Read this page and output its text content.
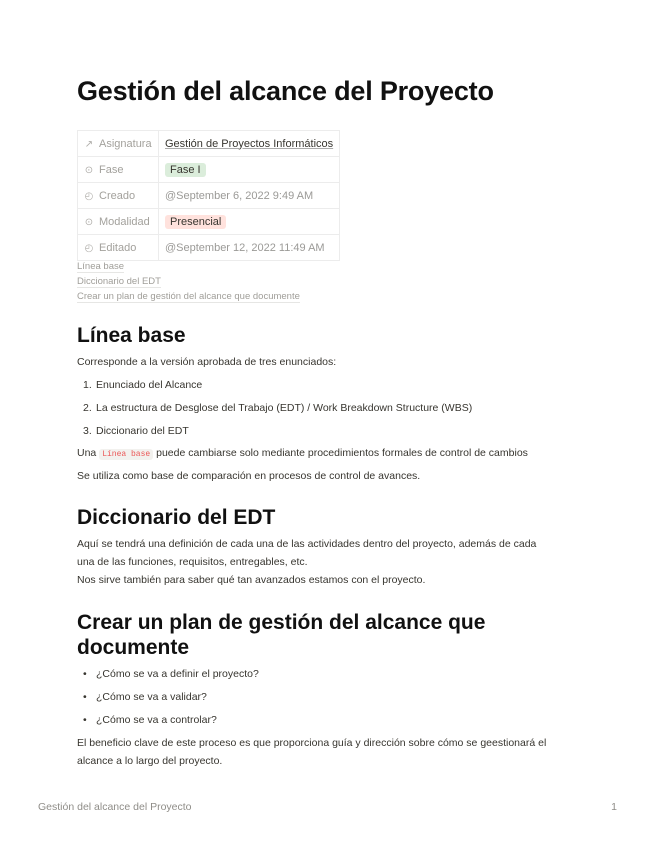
Gestión del alcance del Proyecto
↗ Asignatura	Gestión de Proyectos Informáticos
⊙ Fase	Fase I
◴ Creado	@September 6, 2022 9:49 AM
⊙ Modalidad	Presencial
◴ Editado	@September 12, 2022 11:49 AM
Línea base
Diccionario del EDT
Crear un plan de gestión del alcance que documente
Línea base

Corresponde a la versión aprobada de tres enunciados:

1. Enunciado del Alcance
2. La estructura de Desglose del Trabajo (EDT) / Work Breakdown Structure (WBS)
3. Diccionario del EDT

Una Línea base puede cambiarse solo mediante procedimientos formales de control de cambios

Se utiliza como base de comparación en procesos de control de avances.

Diccionario del EDT

Aquí se tendrá una definición de cada una de las actividades dentro del proyecto, además de cada
una de las funciones, requisitos, entregables, etc.

Nos sirve también para saber qué tan avanzados estamos con el proyecto.

Crear un plan de gestión del alcance que
documente
• ¿Cómo se va a definir el proyecto?
• ¿Cómo se va a validar?
• ¿Cómo se va a controlar?

El beneficio clave de este proceso es que proporciona guía y dirección sobre cómo se geestionará el
alcance a lo largo del proyecto.

Gestión del alcance del Proyecto	1
